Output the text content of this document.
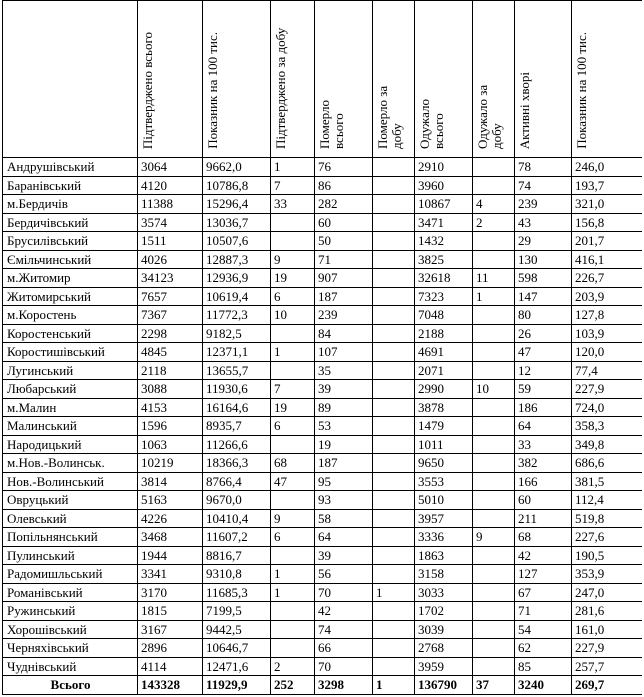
	Підтверджено всього	Показник на 100 тис.	Підтверджено за добу	Померло всього	Померло за добу	Одужало всього	Одужало за добу	Активні хворі	Показник на 100 тис.
Андрушівський	3064	9662,0	1	76		2910		78	246,0
Баранівський	4120	10786,8	7	86		3960		74	193,7
м.Бердичів	11388	15296,4	33	282		10867	4	239	321,0
Бердичівський	3574	13036,7		60		3471	2	43	156,8
Брусилівський	1511	10507,6		50		1432		29	201,7
Ємільчинський	4026	12887,3	9	71		3825		130	416,1
м.Житомир	34123	12936,9	19	907		32618	11	598	226,7
Житомирський	7657	10619,4	6	187		7323	1	147	203,9
м.Коростень	7367	11772,3	10	239		7048		80	127,8
Коростенський	2298	9182,5		84		2188		26	103,9
Коростишівський	4845	12371,1	1	107		4691		47	120,0
Лугинський	2118	13655,7		35		2071		12	77,4
Любарський	3088	11930,6	7	39		2990	10	59	227,9
м.Малин	4153	16164,6	19	89		3878		186	724,0
Малинський	1596	8935,7	6	53		1479		64	358,3
Народицький	1063	11266,6		19		1011		33	349,8
м.Нов.-Волинськ.	10219	18366,3	68	187		9650		382	686,6
Нов.-Волинський	3814	8766,4	47	95		3553		166	381,5
Овруцький	5163	9670,0		93		5010		60	112,4
Олевський	4226	10410,4	9	58		3957		211	519,8
Попільнянський	3468	11607,2	6	64		3336	9	68	227,6
Пулинський	1944	8816,7		39		1863		42	190,5
Радомишльський	3341	9310,8	1	56		3158		127	353,9
Романівський	3170	11685,3	1	70	1	3033		67	247,0
Ружинський	1815	7199,5		42		1702		71	281,6
Хорошівський	3167	9442,5		74		3039		54	161,0
Черняхівський	2896	10646,7		66		2768		62	227,9
Чуднівський	4114	12471,6	2	70		3959		85	257,7
Всього	143328	11929,9	252	3298	1	136790	37	3240	269,7
